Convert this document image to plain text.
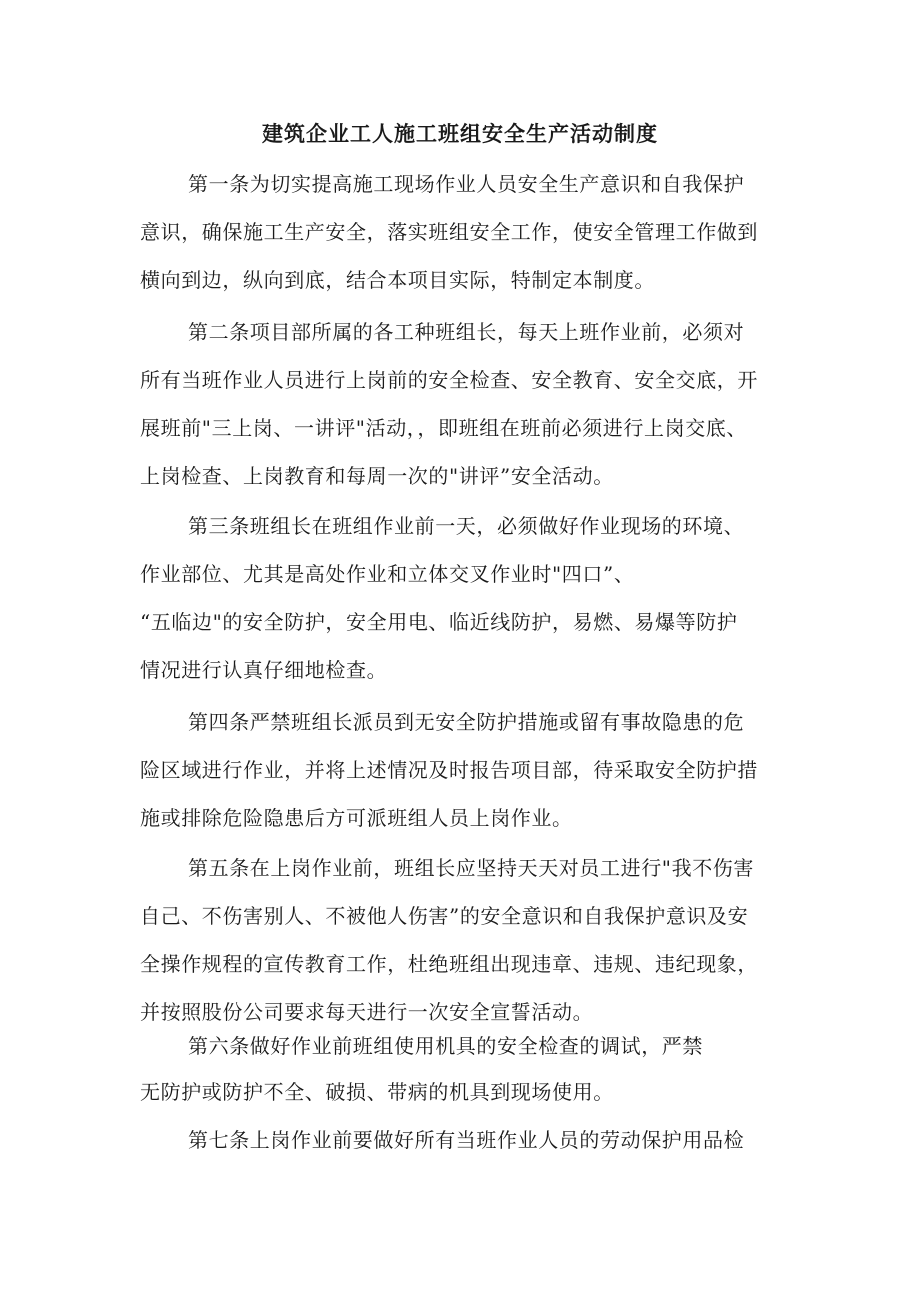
建筑企业工人施工班组安全生产活动制度
第一条为切实提高施工现场作业人员安全生产意识和自我保护
意识，确保施工生产安全，落实班组安全工作，使安全管理工作做到
横向到边，纵向到底，结合本项目实际，特制定本制度。
第二条项目部所属的各工种班组长，每天上班作业前，必须对
所有当班作业人员进行上岗前的安全检查、安全教育、安全交底，开
展班前"三上岗、一讲评"活动，，即班组在班前必须进行上岗交底、
上岗检查、上岗教育和每周一次的"讲评”安全活动。
第三条班组长在班组作业前一天，必须做好作业现场的环境、
作业部位、尤其是高处作业和立体交叉作业时"四口”、
“五临边"的安全防护，安全用电、临近线防护，易燃、易爆等防护
情况进行认真仔细地检查。
第四条严禁班组长派员到无安全防护措施或留有事故隐患的危
险区域进行作业，并将上述情况及时报告项目部，待采取安全防护措
施或排除危险隐患后方可派班组人员上岗作业。
第五条在上岗作业前，班组长应坚持天天对员工进行"我不伤害
自己、不伤害别人、不被他人伤害”的安全意识和自我保护意识及安
全操作规程的宣传教育工作，杜绝班组出现违章、违规、违纪现象，
并按照股份公司要求每天进行一次安全宣誓活动。
第六条做好作业前班组使用机具的安全检查的调试，严禁
无防护或防护不全、破损、带病的机具到现场使用。
第七条上岗作业前要做好所有当班作业人员的劳动保护用品检
